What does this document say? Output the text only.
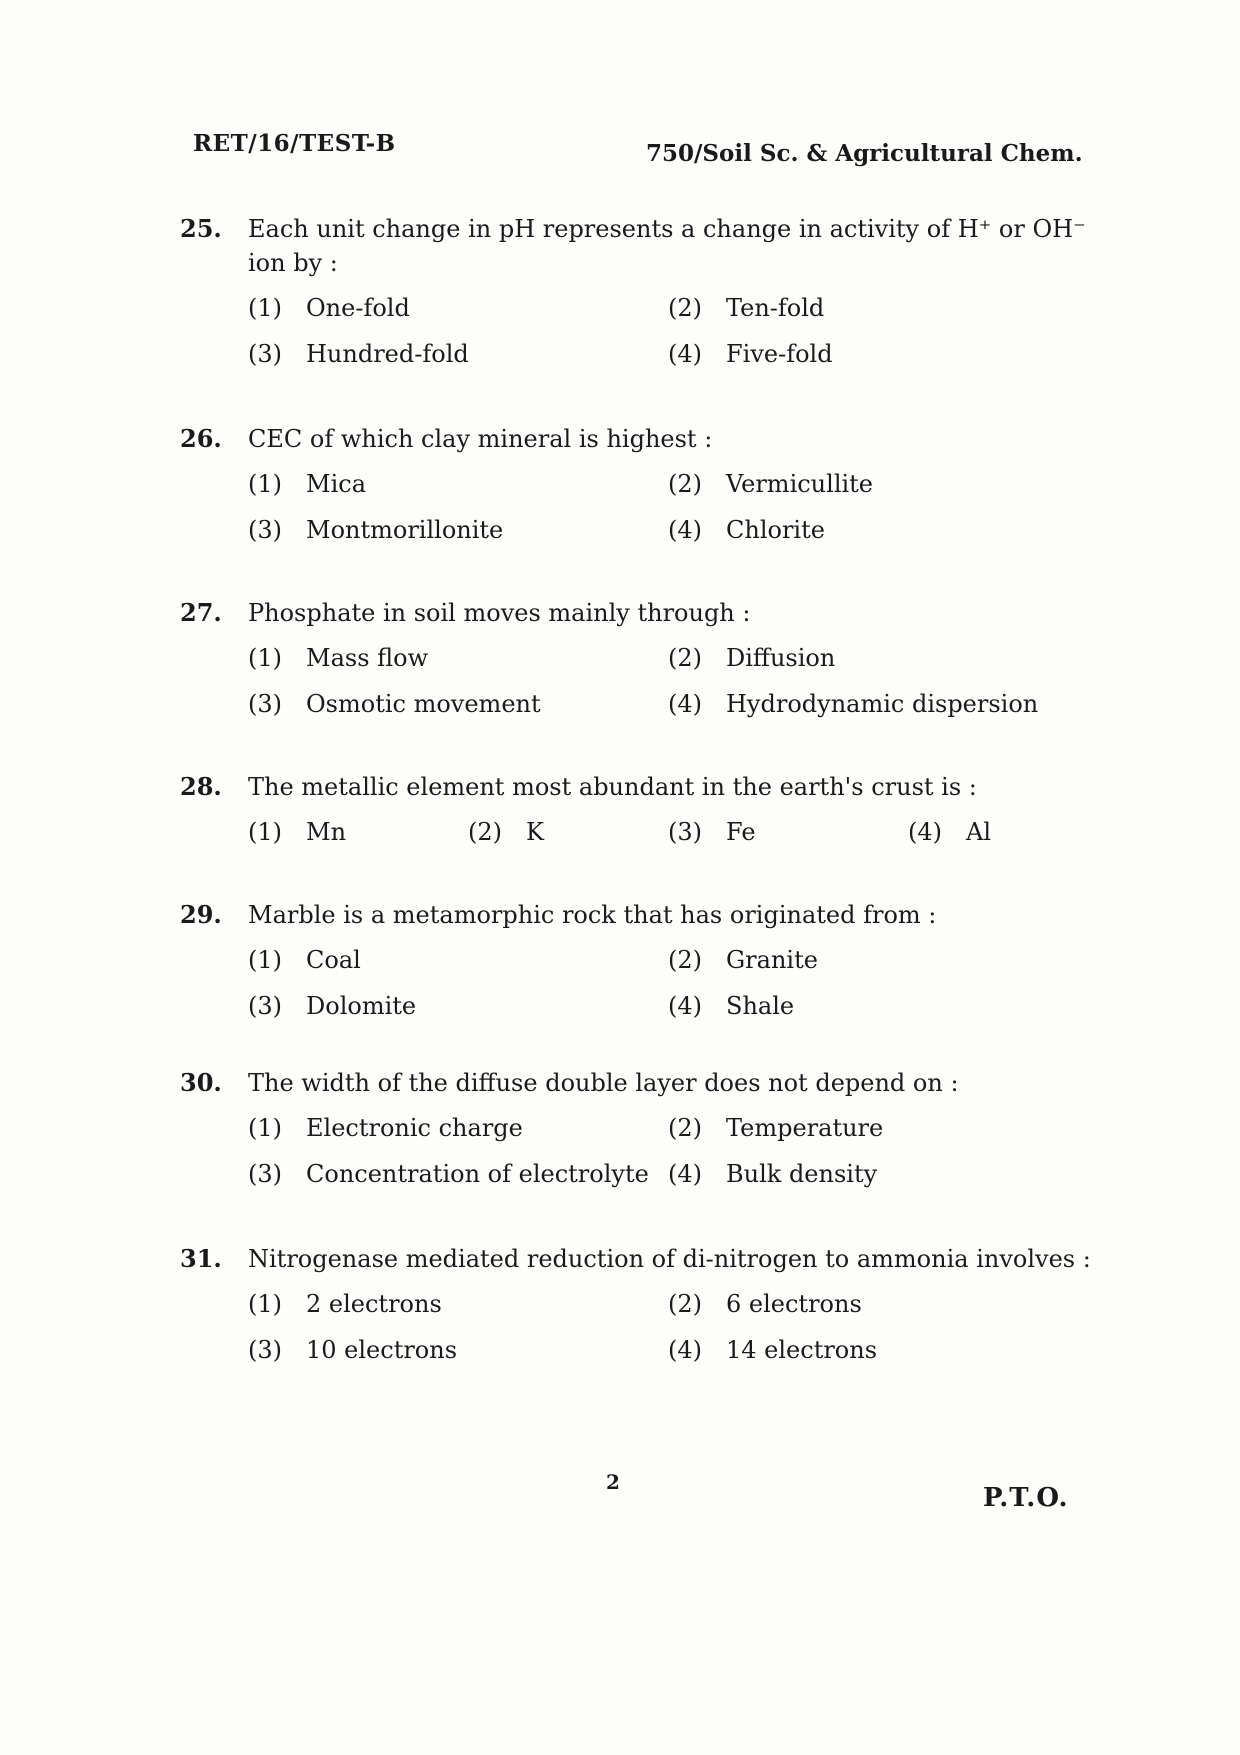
RET/16/TEST-B	750/Soil Sc. & Agricultural Chem.
25.	Each unit change in pH represents a change in activity of H⁺ or OH⁻ ion by :
(1)	One-fold	(2)	Ten-fold
(3)	Hundred-fold	(4)	Five-fold
26.	CEC of which clay mineral is highest :
(1)	Mica	(2)	Vermicullite
(3)	Montmorillonite	(4)	Chlorite
27.	Phosphate in soil moves mainly through :
(1)	Mass flow	(2)	Diffusion
(3)	Osmotic movement	(4)	Hydrodynamic dispersion
28.	The metallic element most abundant in the earth's crust is :
(1)	Mn	(2)	K	(3)	Fe	(4)	Al
29.	Marble is a metamorphic rock that has originated from :
(1)	Coal	(2)	Granite
(3)	Dolomite	(4)	Shale
30.	The width of the diffuse double layer does not depend on :
(1)	Electronic charge	(2)	Temperature
(3)	Concentration of electrolyte (4)	Bulk density
31.	Nitrogenase mediated reduction of di-nitrogen to ammonia involves :
(1)	2 electrons	(2)	6 electrons
(3)	10 electrons	(4)	14 electrons
2
P.T.O.
